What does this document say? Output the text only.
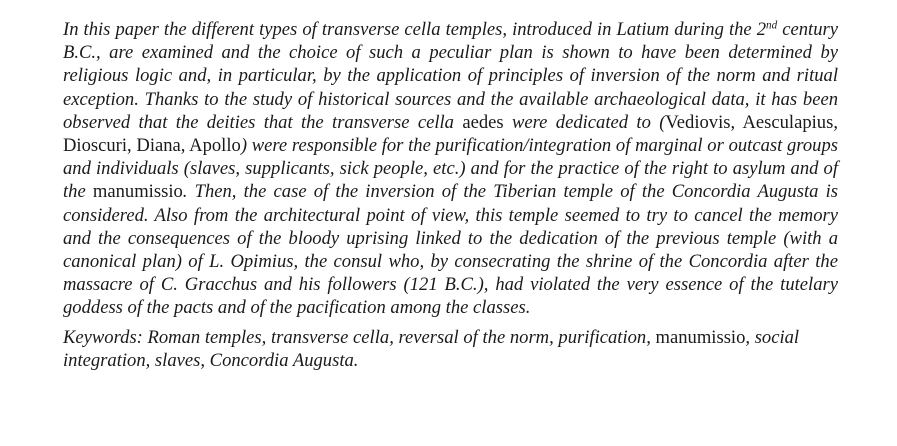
In this paper the different types of transverse cella temples, introduced in Latium during the 2nd century B.C., are examined and the choice of such a peculiar plan is shown to have been determined by religious logic and, in particular, by the application of principles of inversion of the norm and ritual exception. Thanks to the study of historical sources and the available archaeological data, it has been observed that the deities that the transverse cella aedes were dedicated to (Vediovis, Aesculapius, Dioscuri, Diana, Apollo) were responsible for the purification/integration of marginal or outcast groups and individuals (slaves, supplicants, sick people, etc.) and for the practice of the right to asylum and of the manumissio. Then, the case of the inversion of the Tiberian temple of the Concordia Augusta is considered. Also from the architectural point of view, this temple seemed to try to cancel the memory and the consequences of the bloody uprising linked to the dedication of the previous temple (with a canonical plan) of L. Opimius, the consul who, by consecrating the shrine of the Concordia after the massacre of C. Gracchus and his followers (121 B.C.), had violated the very essence of the tutelary goddess of the pacts and of the pacification among the classes.

Keywords: Roman temples, transverse cella, reversal of the norm, purification, manumissio, social integration, slaves, Concordia Augusta.
